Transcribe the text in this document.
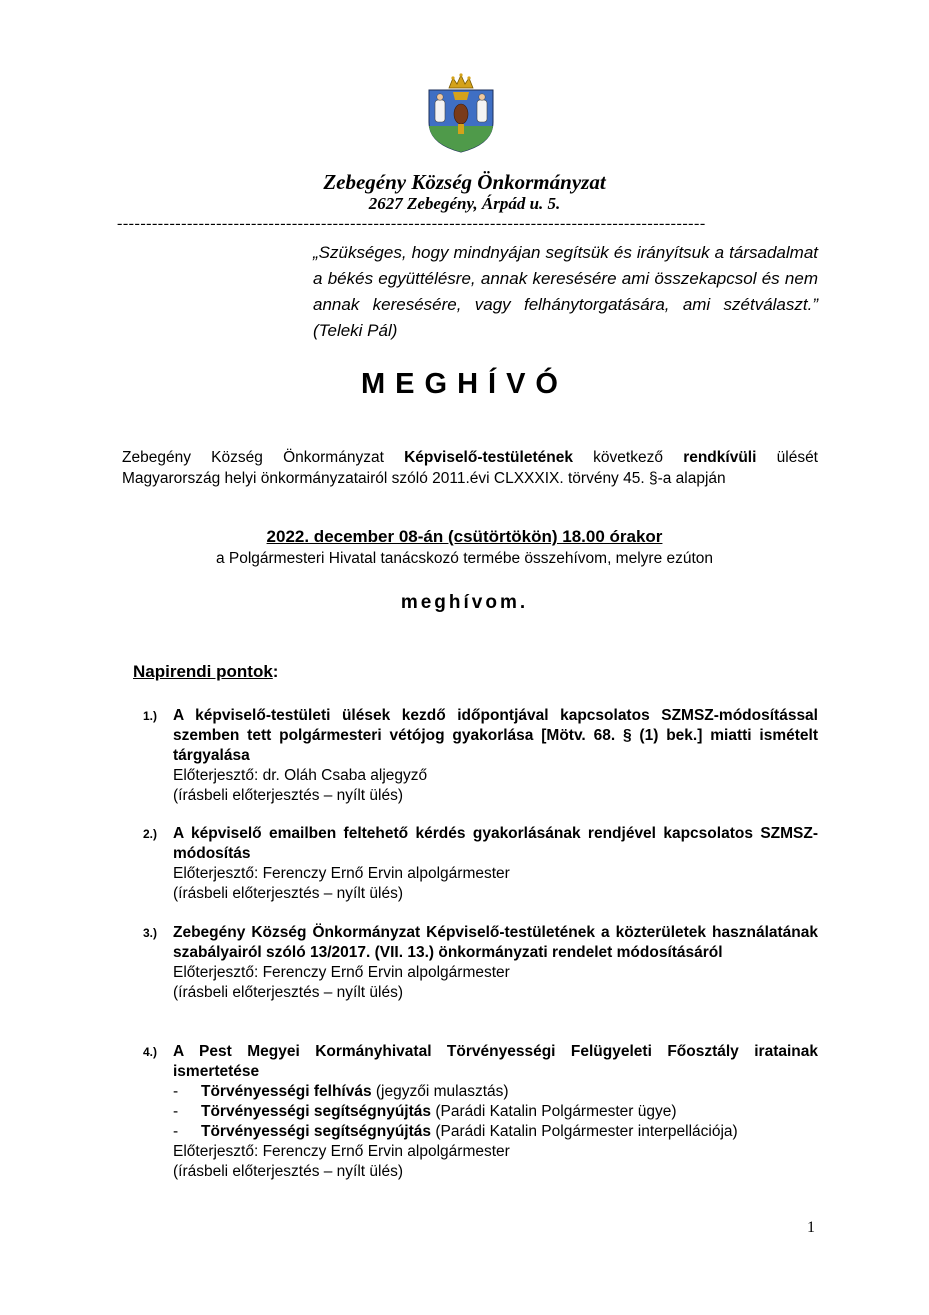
Zebegény Község Önkormányzat
2627 Zebegény, Árpád u. 5.
-----------------------------------------------------------------------------------------------------
„Szükséges, hogy mindnyájan segítsük és irányítsuk a társadalmat a békés együttélésre, annak keresésére ami összekapcsol és nem annak keresésére, vagy felhánytorgatására, ami szétválaszt.” (Teleki Pál)
MEGHÍVÓ
Zebegény Község Önkormányzat Képviselő-testületének következő rendkívüli ülését Magyarország helyi önkormányzatairól szóló 2011.évi CLXXXIX. törvény 45. §-a alapján
2022. december 08-án (csütörtökön) 18.00 órakor
a Polgármesteri Hivatal tanácskozó termébe összehívom, melyre ezúton
meghívom.
Napirendi pontok:
1.) A képviselő-testületi ülések kezdő időpontjával kapcsolatos SZMSZ-módosítással szemben tett polgármesteri vétójog gyakorlása [Mötv. 68. § (1) bek.] miatti ismételt tárgyalása
Előterjesztő: dr. Oláh Csaba aljegyző
(írásbeli előterjesztés – nyílt ülés)
2.) A képviselő emailben feltehető kérdés gyakorlásának rendjével kapcsolatos SZMSZ-módosítás
Előterjesztő: Ferenczy Ernő Ervin alpolgármester
(írásbeli előterjesztés – nyílt ülés)
3.) Zebegény Község Önkormányzat Képviselő-testületének a közterületek használatának szabályairól szóló 13/2017. (VII. 13.) önkormányzati rendelet módosításáról
Előterjesztő: Ferenczy Ernő Ervin alpolgármester
(írásbeli előterjesztés – nyílt ülés)
4.) A Pest Megyei Kormányhivatal Törvényességi Felügyeleti Főosztály iratainak ismertetése
- Törvényességi felhívás (jegyzői mulasztás)
- Törvényességi segítségnyújtás (Parádi Katalin Polgármester ügye)
- Törvényességi segítségnyújtás (Parádi Katalin Polgármester interpellációja)
Előterjesztő: Ferenczy Ernő Ervin alpolgármester
(írásbeli előterjesztés – nyílt ülés)
1
